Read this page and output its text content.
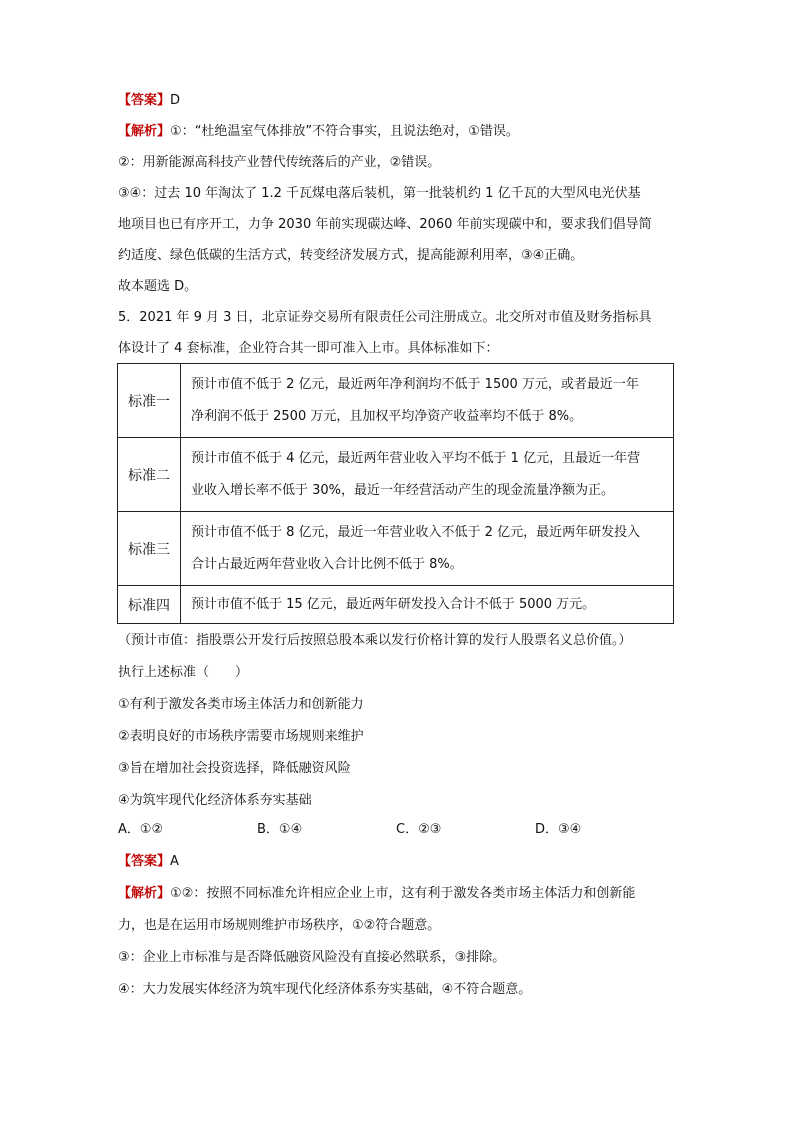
【 答案 】 D
【 解析 】 ①：“杜绝温室气体排放”不符合事实，且说法绝对，①错误。
②：用新能源高科技产业替代传统落后的产业，②错误。
③④：过去 10 年淘汰了 1.2 千瓦煤电落后装机，第一批装机约 1 亿千瓦的大型风电光伏基
地项目也已有序开工，力争 2030 年前实现碳达峰、2060 年前实现碳中和，要求我们倡导简
约适度、绿色低碳的生活方式，转变经济发展方式，提高能源利用率，③④正确。
故本题选 D。
5．2021 年 9 月 3 日，北京证券交易所有限责任公司注册成立。北交所对市值及财务指标具
体设计了 4 套标准，企业符合其一即可准入上市。具体标准如下：
标准一	预计市值不低于 2 亿元，最近两年净利润均不低于 1500 万元，或者最近一年
净利润不低于 2500 万元，且加权平均净资产收益率均不低于 8%。

标准二	预计市值不低于 4 亿元，最近两年营业收入平均不低于 1 亿元，且最近一年营
业收入增长率不低于 30%，最近一年经营活动产生的现金流量净额为正。

标准三	预计市值不低于 8 亿元，最近一年营业收入不低于 2 亿元，最近两年研发投入
合计占最近两年营业收入合计比例不低于 8%。

标准四	预计市值不低于 15 亿元，最近两年研发投入合计不低于 5000 万元。
（预计市值：指股票公开发行后按照总股本乘以发行价格计算的发行人股票名义总价值。）
执行上述标准（　　）
①有利于激发各类市场主体活力和创新能力
②表明良好的市场秩序需要市场规则来维护
③旨在增加社会投资选择，降低融资风险
④为筑牢现代化经济体系夯实基础
A．①②	B．①④	C．②③	D．③④
【 答案 】 A
【 解析 】 ①②：按照不同标准允许相应企业上市，这有利于激发各类市场主体活力和创新能
力，也是在运用市场规则维护市场秩序，①②符合题意。
③：企业上市标准与是否降低融资风险没有直接必然联系，③排除。
④：大力发展实体经济为筑牢现代化经济体系夯实基础，④不符合题意。
